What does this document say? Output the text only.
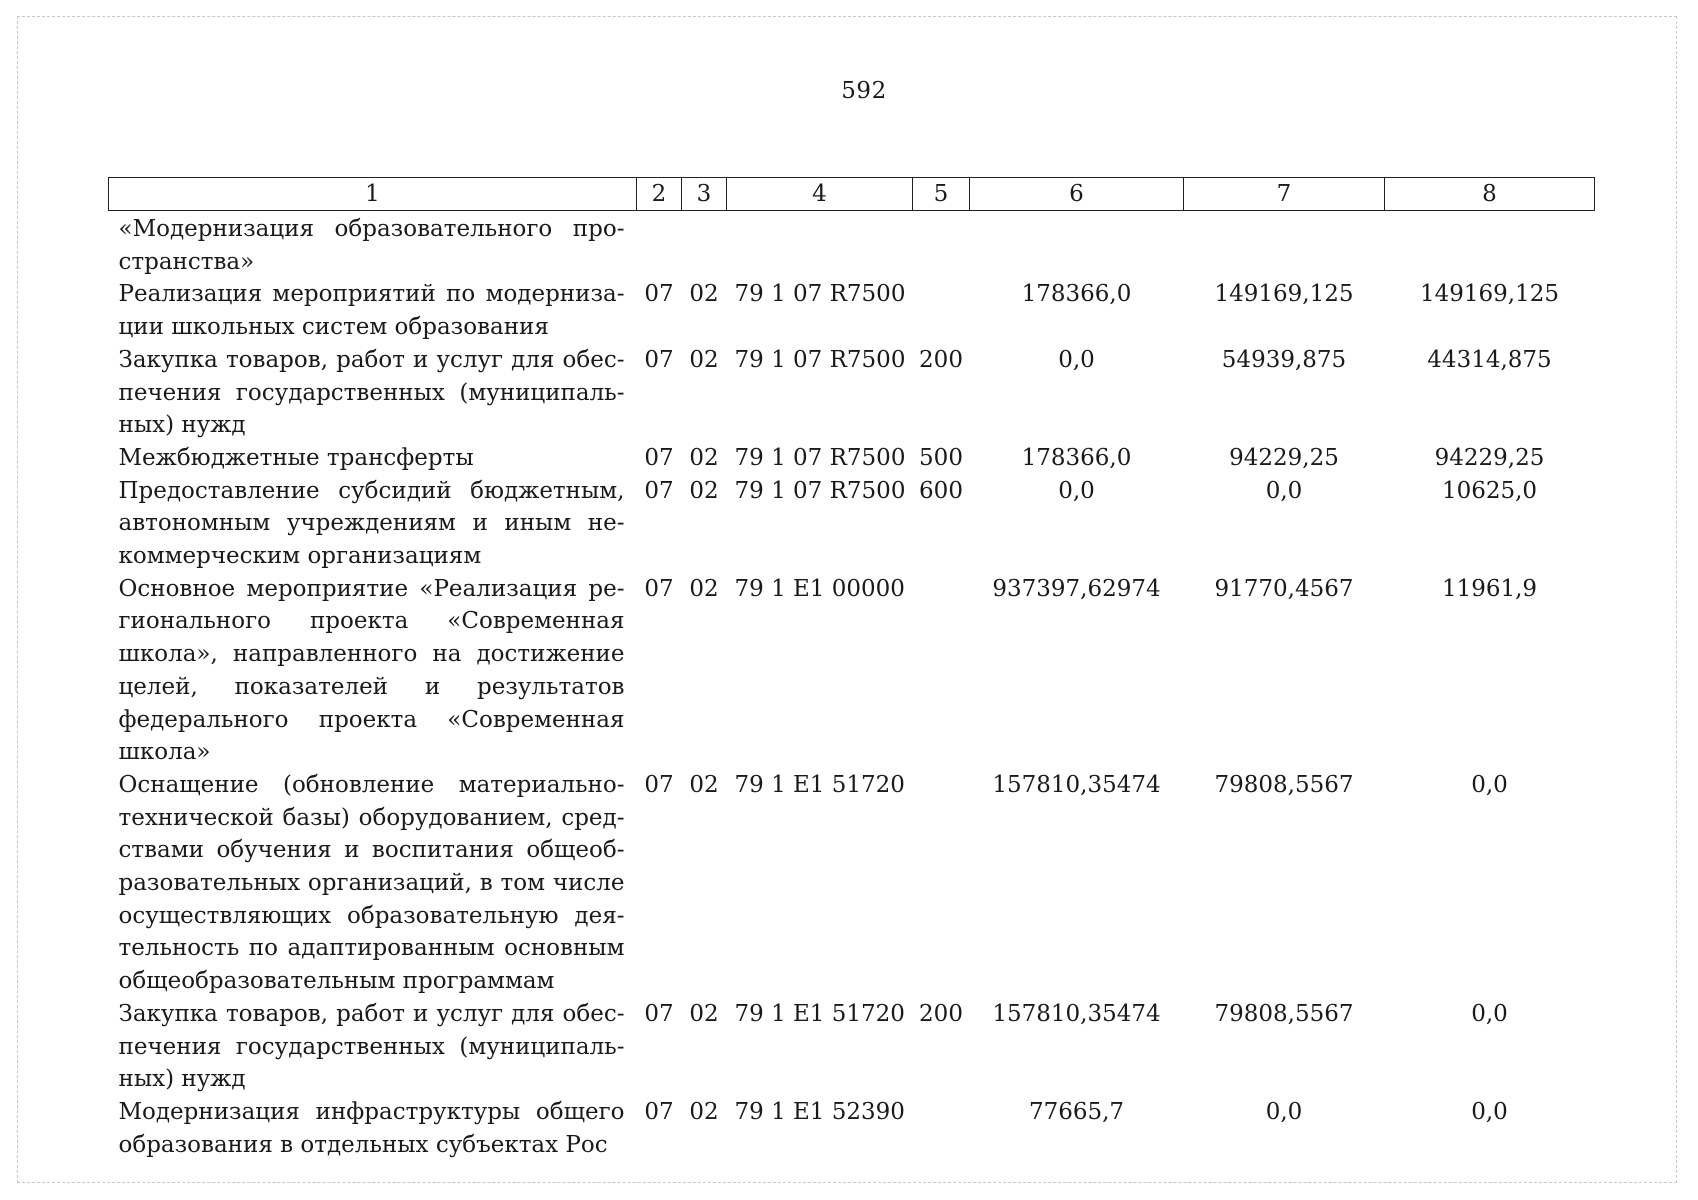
592
1	2	3	4	5	6	7	8
«Модернизация образовательного пространства»							
Реализация мероприятий по модернизации школьных систем образования	07	02	79 1 07 R7500		178366,0	149169,125	149169,125
Закупка товаров, работ и услуг для обеспечения государственных (муниципальных) нужд	07	02	79 1 07 R7500	200	0,0	54939,875	44314,875
Межбюджетные трансферты	07	02	79 1 07 R7500	500	178366,0	94229,25	94229,25
Предоставление субсидий бюджетным, автономным учреждениям и иным некоммерческим организациям	07	02	79 1 07 R7500	600	0,0	0,0	10625,0
Основное мероприятие «Реализация регионального проекта «Современная школа», направленного на достижение целей, показателей и результатов федерального проекта «Современная школа»	07	02	79 1 E1 00000		937397,62974	91770,4567	11961,9
Оснащение (обновление материально-технической базы) оборудованием, средствами обучения и воспитания общеобразовательных организаций, в том числе осуществляющих образовательную деятельность по адаптированным основным общеобразовательным программам	07	02	79 1 E1 51720		157810,35474	79808,5567	0,0
Закупка товаров, работ и услуг для обеспечения государственных (муниципальных) нужд	07	02	79 1 E1 51720	200	157810,35474	79808,5567	0,0
Модернизация инфраструктуры общего образования в отдельных субъектах Рос	07	02	79 1 E1 52390		77665,7	0,0	0,0
